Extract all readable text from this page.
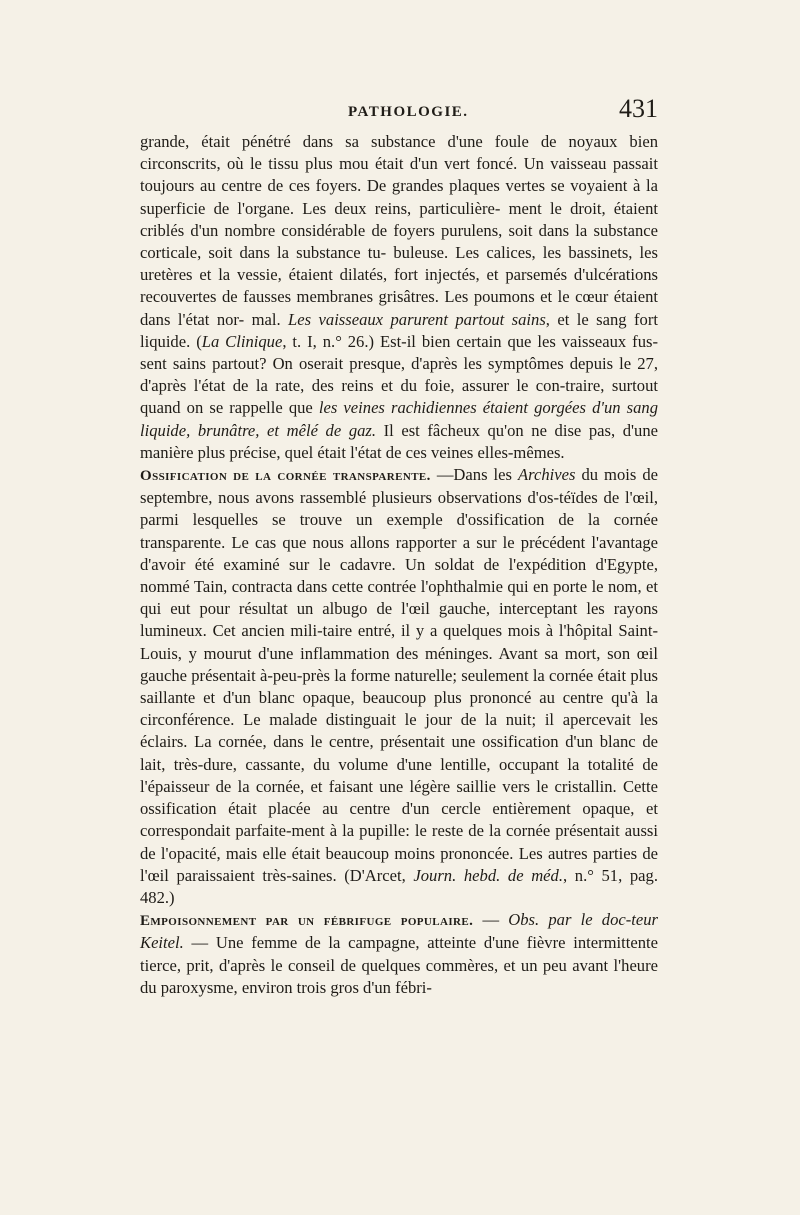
PATHOLOGIE.	431

grande, était pénétré dans sa substance d'une foule de noyaux bien circonscrits, où le tissu plus mou était d'un vert foncé. Un vaisseau passait toujours au centre de ces foyers. De grandes plaques vertes se voyaient à la superficie de l'organe. Les deux reins, particulière- ment le droit, étaient criblés d'un nombre considérable de foyers purulens, soit dans la substance corticale, soit dans la substance tu- buleuse. Les calices, les bassinets, les uretères et la vessie, étaient dilatés, fort injectés, et parsemés d'ulcérations recouvertes de fausses membranes grisâtres. Les poumons et le cœur étaient dans l'état nor- mal. Les vaisseaux parurent partout sains, et le sang fort liquide. (La Clinique, t. I, n.° 26.) Est-il bien certain que les vaisseaux fus-sent sains partout? On oserait presque, d'après les symptômes depuis le 27, d'après l'état de la rate, des reins et du foie, assurer le con-traire, surtout quand on se rappelle que les veines rachidiennes étaient gorgées d'un sang liquide, brunâtre, et mêlé de gaz. Il est fâcheux qu'on ne dise pas, d'une manière plus précise, quel était l'état de ces veines elles-mêmes.

Ossification de la cornée transparente. —Dans les Archives du mois de septembre, nous avons rassemblé plusieurs observations d'os-téïdes de l'œil, parmi lesquelles se trouve un exemple d'ossification de la cornée transparente. Le cas que nous allons rapporter a sur le précédent l'avantage d'avoir été examiné sur le cadavre. Un soldat de l'expédition d'Egypte, nommé Tain, contracta dans cette contrée l'ophthalmie qui en porte le nom, et qui eut pour résultat un albugo de l'œil gauche, interceptant les rayons lumineux. Cet ancien mili-taire entré, il y a quelques mois à l'hôpital Saint-Louis, y mourut d'une inflammation des méninges. Avant sa mort, son œil gauche présentait à-peu-près la forme naturelle; seulement la cornée était plus saillante et d'un blanc opaque, beaucoup plus prononcé au centre qu'à la circonférence. Le malade distinguait le jour de la nuit; il apercevait les éclairs. La cornée, dans le centre, présentait une ossification d'un blanc de lait, très-dure, cassante, du volume d'une lentille, occupant la totalité de l'épaisseur de la cornée, et faisant une légère saillie vers le cristallin. Cette ossification était placée au centre d'un cercle entièrement opaque, et correspondait parfaite-ment à la pupille: le reste de la cornée présentait aussi de l'opacité, mais elle était beaucoup moins prononcée. Les autres parties de l'œil paraissaient très-saines. (D'Arcet, Journ. hebd. de méd., n.° 51, pag. 482.)

Empoisonnement par un fébrifuge populaire. — Obs. par le doc-teur Keitel. — Une femme de la campagne, atteinte d'une fièvre intermittente tierce, prit, d'après le conseil de quelques commères, et un peu avant l'heure du paroxysme, environ trois gros d'un fébri-
